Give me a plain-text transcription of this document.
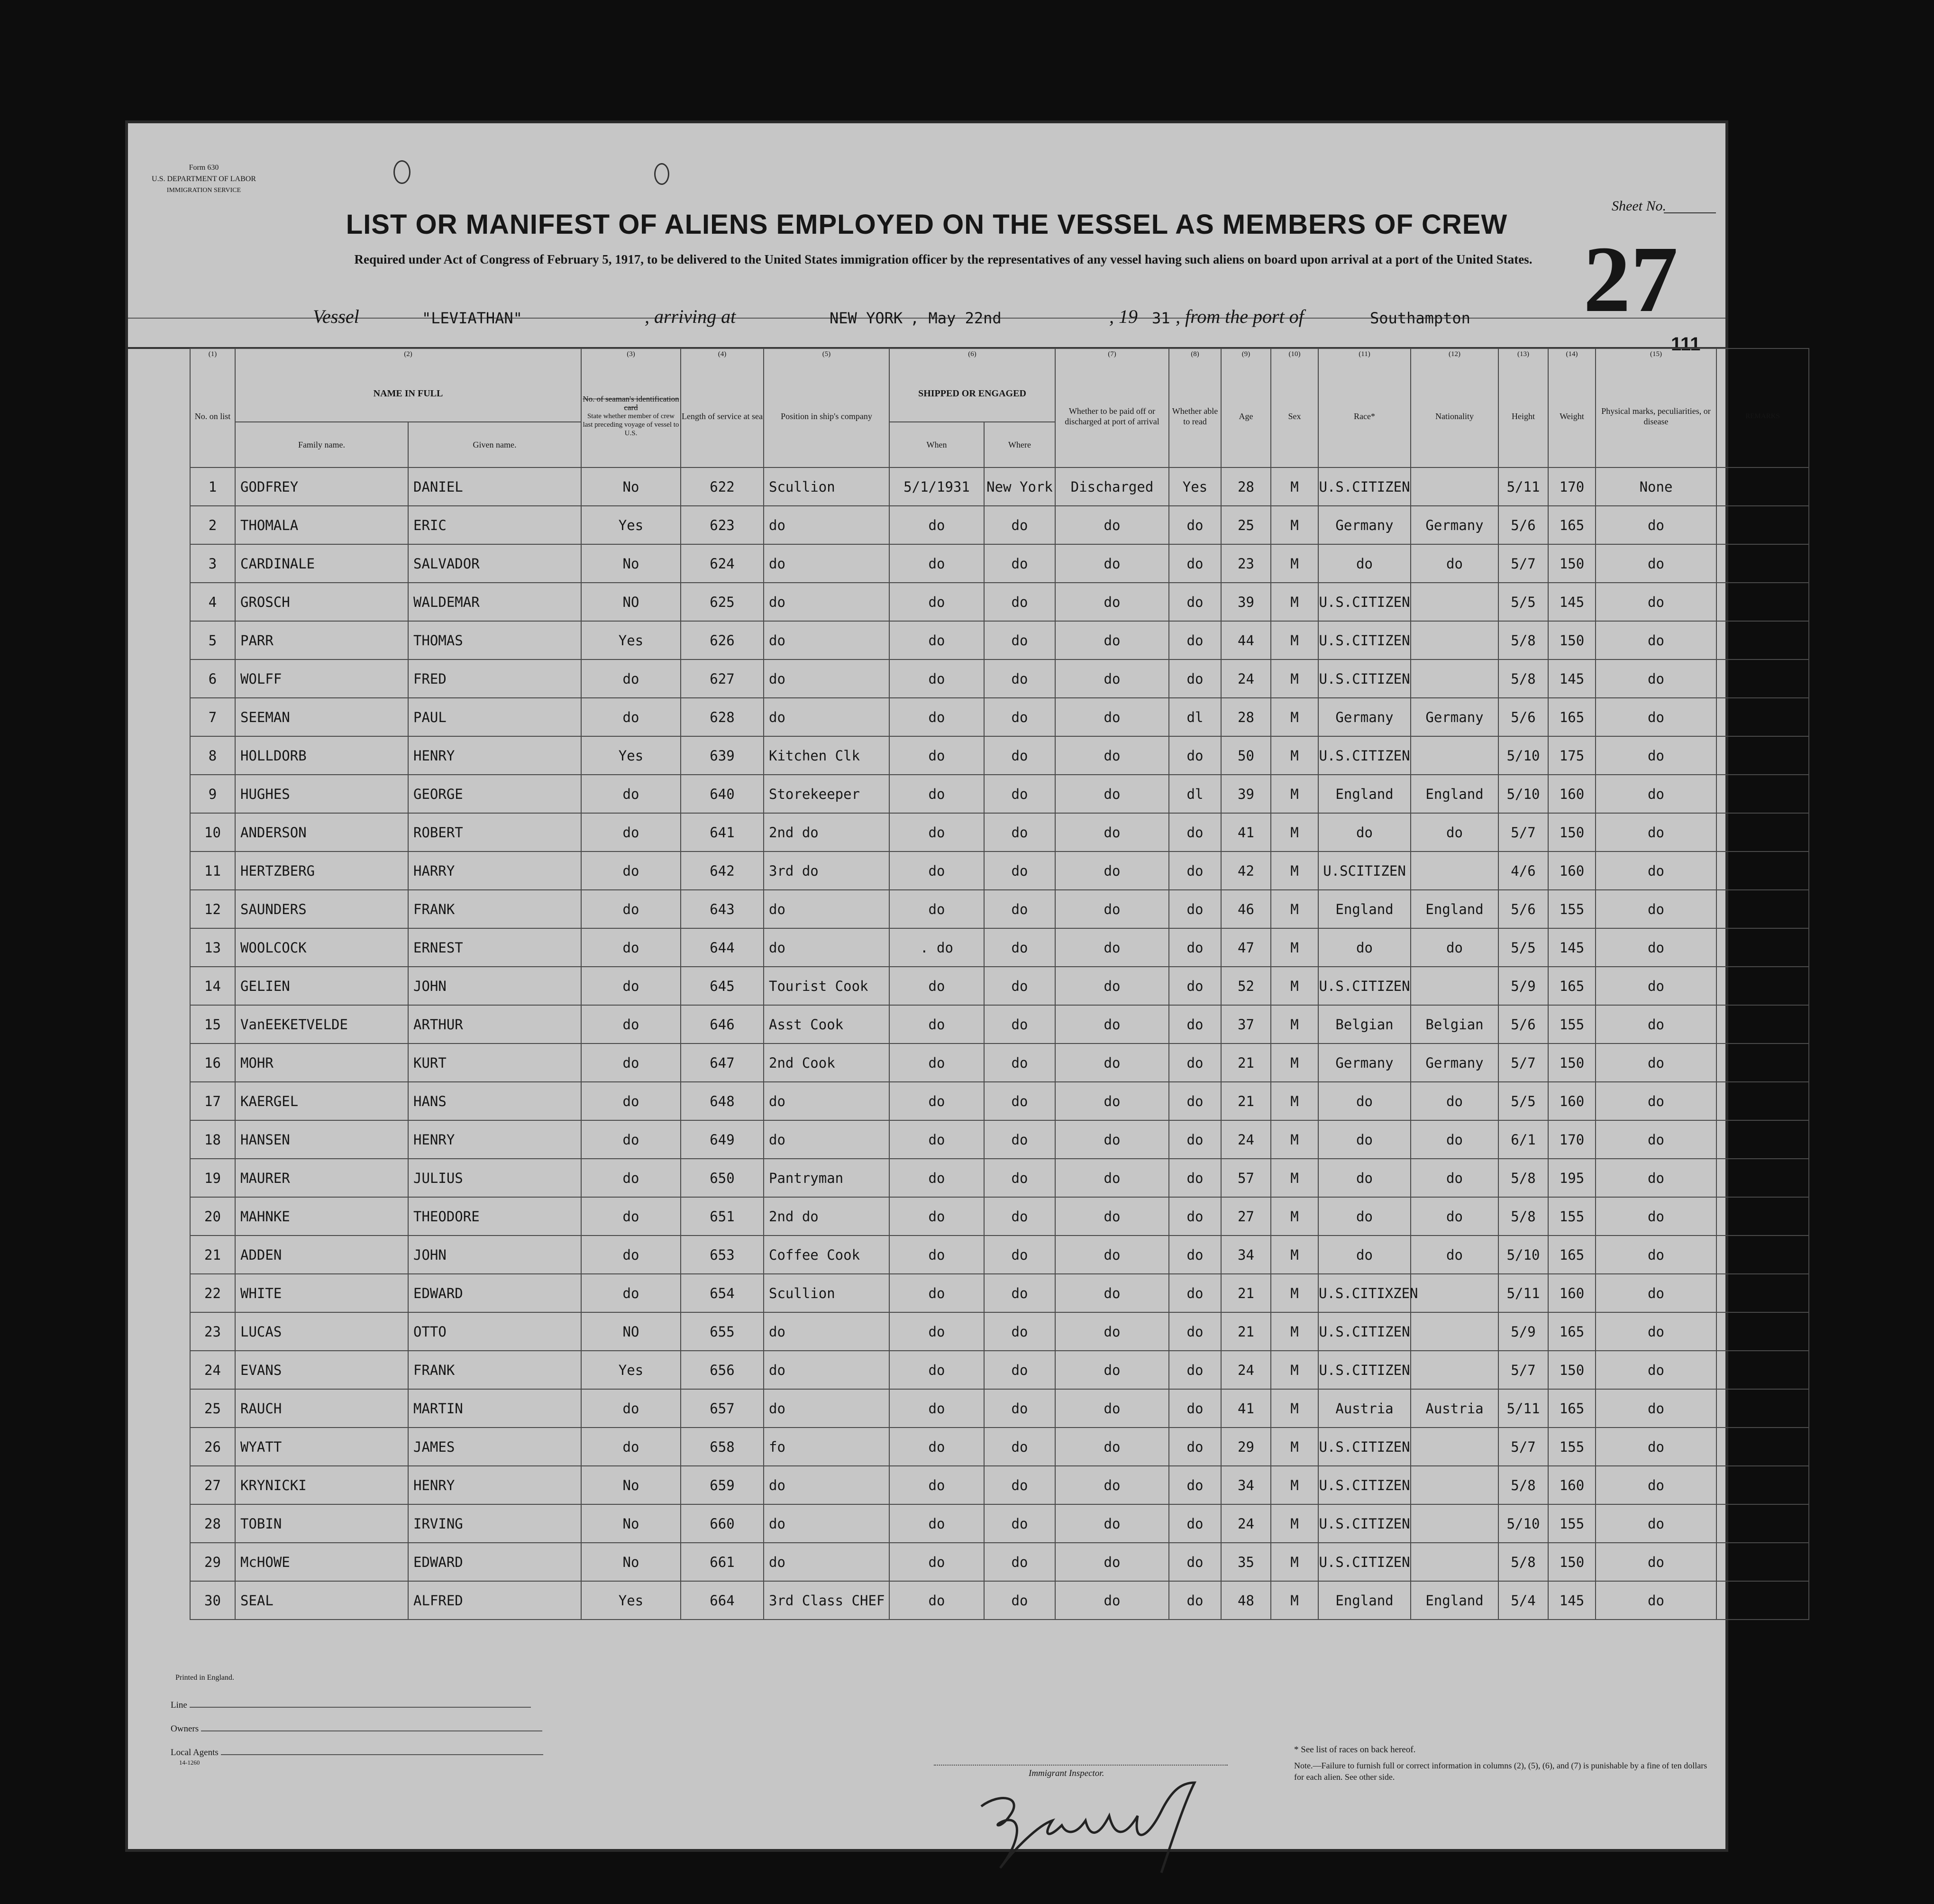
Form 630
U.S. DEPARTMENT OF LABOR
IMMIGRATION SERVICE
Sheet No.
27
LIST OR MANIFEST OF ALIENS EMPLOYED ON THE VESSEL AS MEMBERS OF CREW
Required under Act of Congress of February 5, 1917, to be delivered to the United States immigration officer by the representatives of any vessel having such aliens on board upon arrival at a port of the United States.
Vessel	"LEVIATHAN"	, arriving at	NEW YORK , May 22nd	, 19 31 , from the port of	Southampton
111
(1)	(2)		(3)	(4)	(5)	(6)		(7)	(8)	(9)	(10)	(11)	(12)	(13)	(14)	(15)	
No. on list	NAME IN FULL		No. of seaman's identification card
State whether member of crew last preceding voyage of vessel to U.S.	Length of service at sea	Position in ship's company	SHIPPED OR ENGAGED		Whether to be paid off or discharged at port of arrival	Whether able to read	Age	Sex	Race*	Nationality	Height	Weight	Physical marks, peculiarities, or disease	REMARKS
	Family name.	Given name.				When	Where										
1	GODFREY	DANIEL	No	622	Scullion	5/1/1931	New York	Discharged	Yes	28	M	U.S.CITIZEN		5/11	170	None	
2	THOMALA	ERIC	Yes	623	do	do	do	do	do	25	M	Germany	Germany	5/6	165	do	
3	CARDINALE	SALVADOR	No	624	do	do	do	do	do	23	M	do	do	5/7	150	do	
4	GROSCH	WALDEMAR	NO	625	do	do	do	do	do	39	M	U.S.CITIZEN		5/5	145	do	
5	PARR	THOMAS	Yes	626	do	do	do	do	do	44	M	U.S.CITIZEN		5/8	150	do	
6	WOLFF	FRED	do	627	do	do	do	do	do	24	M	U.S.CITIZEN		5/8	145	do	
7	SEEMAN	PAUL	do	628	do	do	do	do	dl	28	M	Germany	Germany	5/6	165	do	
8	HOLLDORB	HENRY	Yes	639	Kitchen Clk	do	do	do	do	50	M	U.S.CITIZEN		5/10	175	do	
9	HUGHES	GEORGE	do	640	Storekeeper	do	do	do	dl	39	M	England	England	5/10	160	do	
10	ANDERSON	ROBERT	do	641	2nd do	do	do	do	do	41	M	do	do	5/7	150	do	
11	HERTZBERG	HARRY	do	642	3rd do	do	do	do	do	42	M	U.SCITIZEN		4/6	160	do	
12	SAUNDERS	FRANK	do	643	do	do	do	do	do	46	M	England	England	5/6	155	do	
13	WOOLCOCK	ERNEST	do	644	do	. do	do	do	do	47	M	do	do	5/5	145	do	
14	GELIEN	JOHN	do	645	Tourist Cook	do	do	do	do	52	M	U.S.CITIZEN		5/9	165	do	
15	VanEEKETVELDE	ARTHUR	do	646	Asst Cook	do	do	do	do	37	M	Belgian	Belgian	5/6	155	do	
16	MOHR	KURT	do	647	2nd Cook	do	do	do	do	21	M	Germany	Germany	5/7	150	do	
17	KAERGEL	HANS	do	648	do	do	do	do	do	21	M	do	do	5/5	160	do	
18	HANSEN	HENRY	do	649	do	do	do	do	do	24	M	do	do	6/1	170	do	
19	MAURER	JULIUS	do	650	Pantryman	do	do	do	do	57	M	do	do	5/8	195	do	
20	MAHNKE	THEODORE	do	651	2nd do	do	do	do	do	27	M	do	do	5/8	155	do	
21	ADDEN	JOHN	do	653	Coffee Cook	do	do	do	do	34	M	do	do	5/10	165	do	
22	WHITE	EDWARD	do	654	Scullion	do	do	do	do	21	M	U.S.CITIXZEN		5/11	160	do	
23	LUCAS	OTTO	NO	655	do	do	do	do	do	21	M	U.S.CITIZEN		5/9	165	do	
24	EVANS	FRANK	Yes	656	do	do	do	do	do	24	M	U.S.CITIZEN		5/7	150	do	
25	RAUCH	MARTIN	do	657	do	do	do	do	do	41	M	Austria	Austria	5/11	165	do	
26	WYATT	JAMES	do	658	fo	do	do	do	do	29	M	U.S.CITIZEN		5/7	155	do	
27	KRYNICKI	HENRY	No	659	do	do	do	do	do	34	M	U.S.CITIZEN		5/8	160	do	
28	TOBIN	IRVING	No	660	do	do	do	do	do	24	M	U.S.CITIZEN		5/10	155	do	
29	McHOWE	EDWARD	No	661	do	do	do	do	do	35	M	U.S.CITIZEN		5/8	150	do	
30	SEAL	ALFRED	Yes	664	3rd Class CHEF	do	do	do	do	48	M	England	England	5/4	145	do	
Printed in England.
Line
Owners
Local Agents
14-1260
Immigrant Inspector.
* See list of races on back hereof.
Note.—Failure to furnish full or correct information in columns (2), (5), (6), and (7) is punishable by a fine of ten dollars for each alien. See other side.
